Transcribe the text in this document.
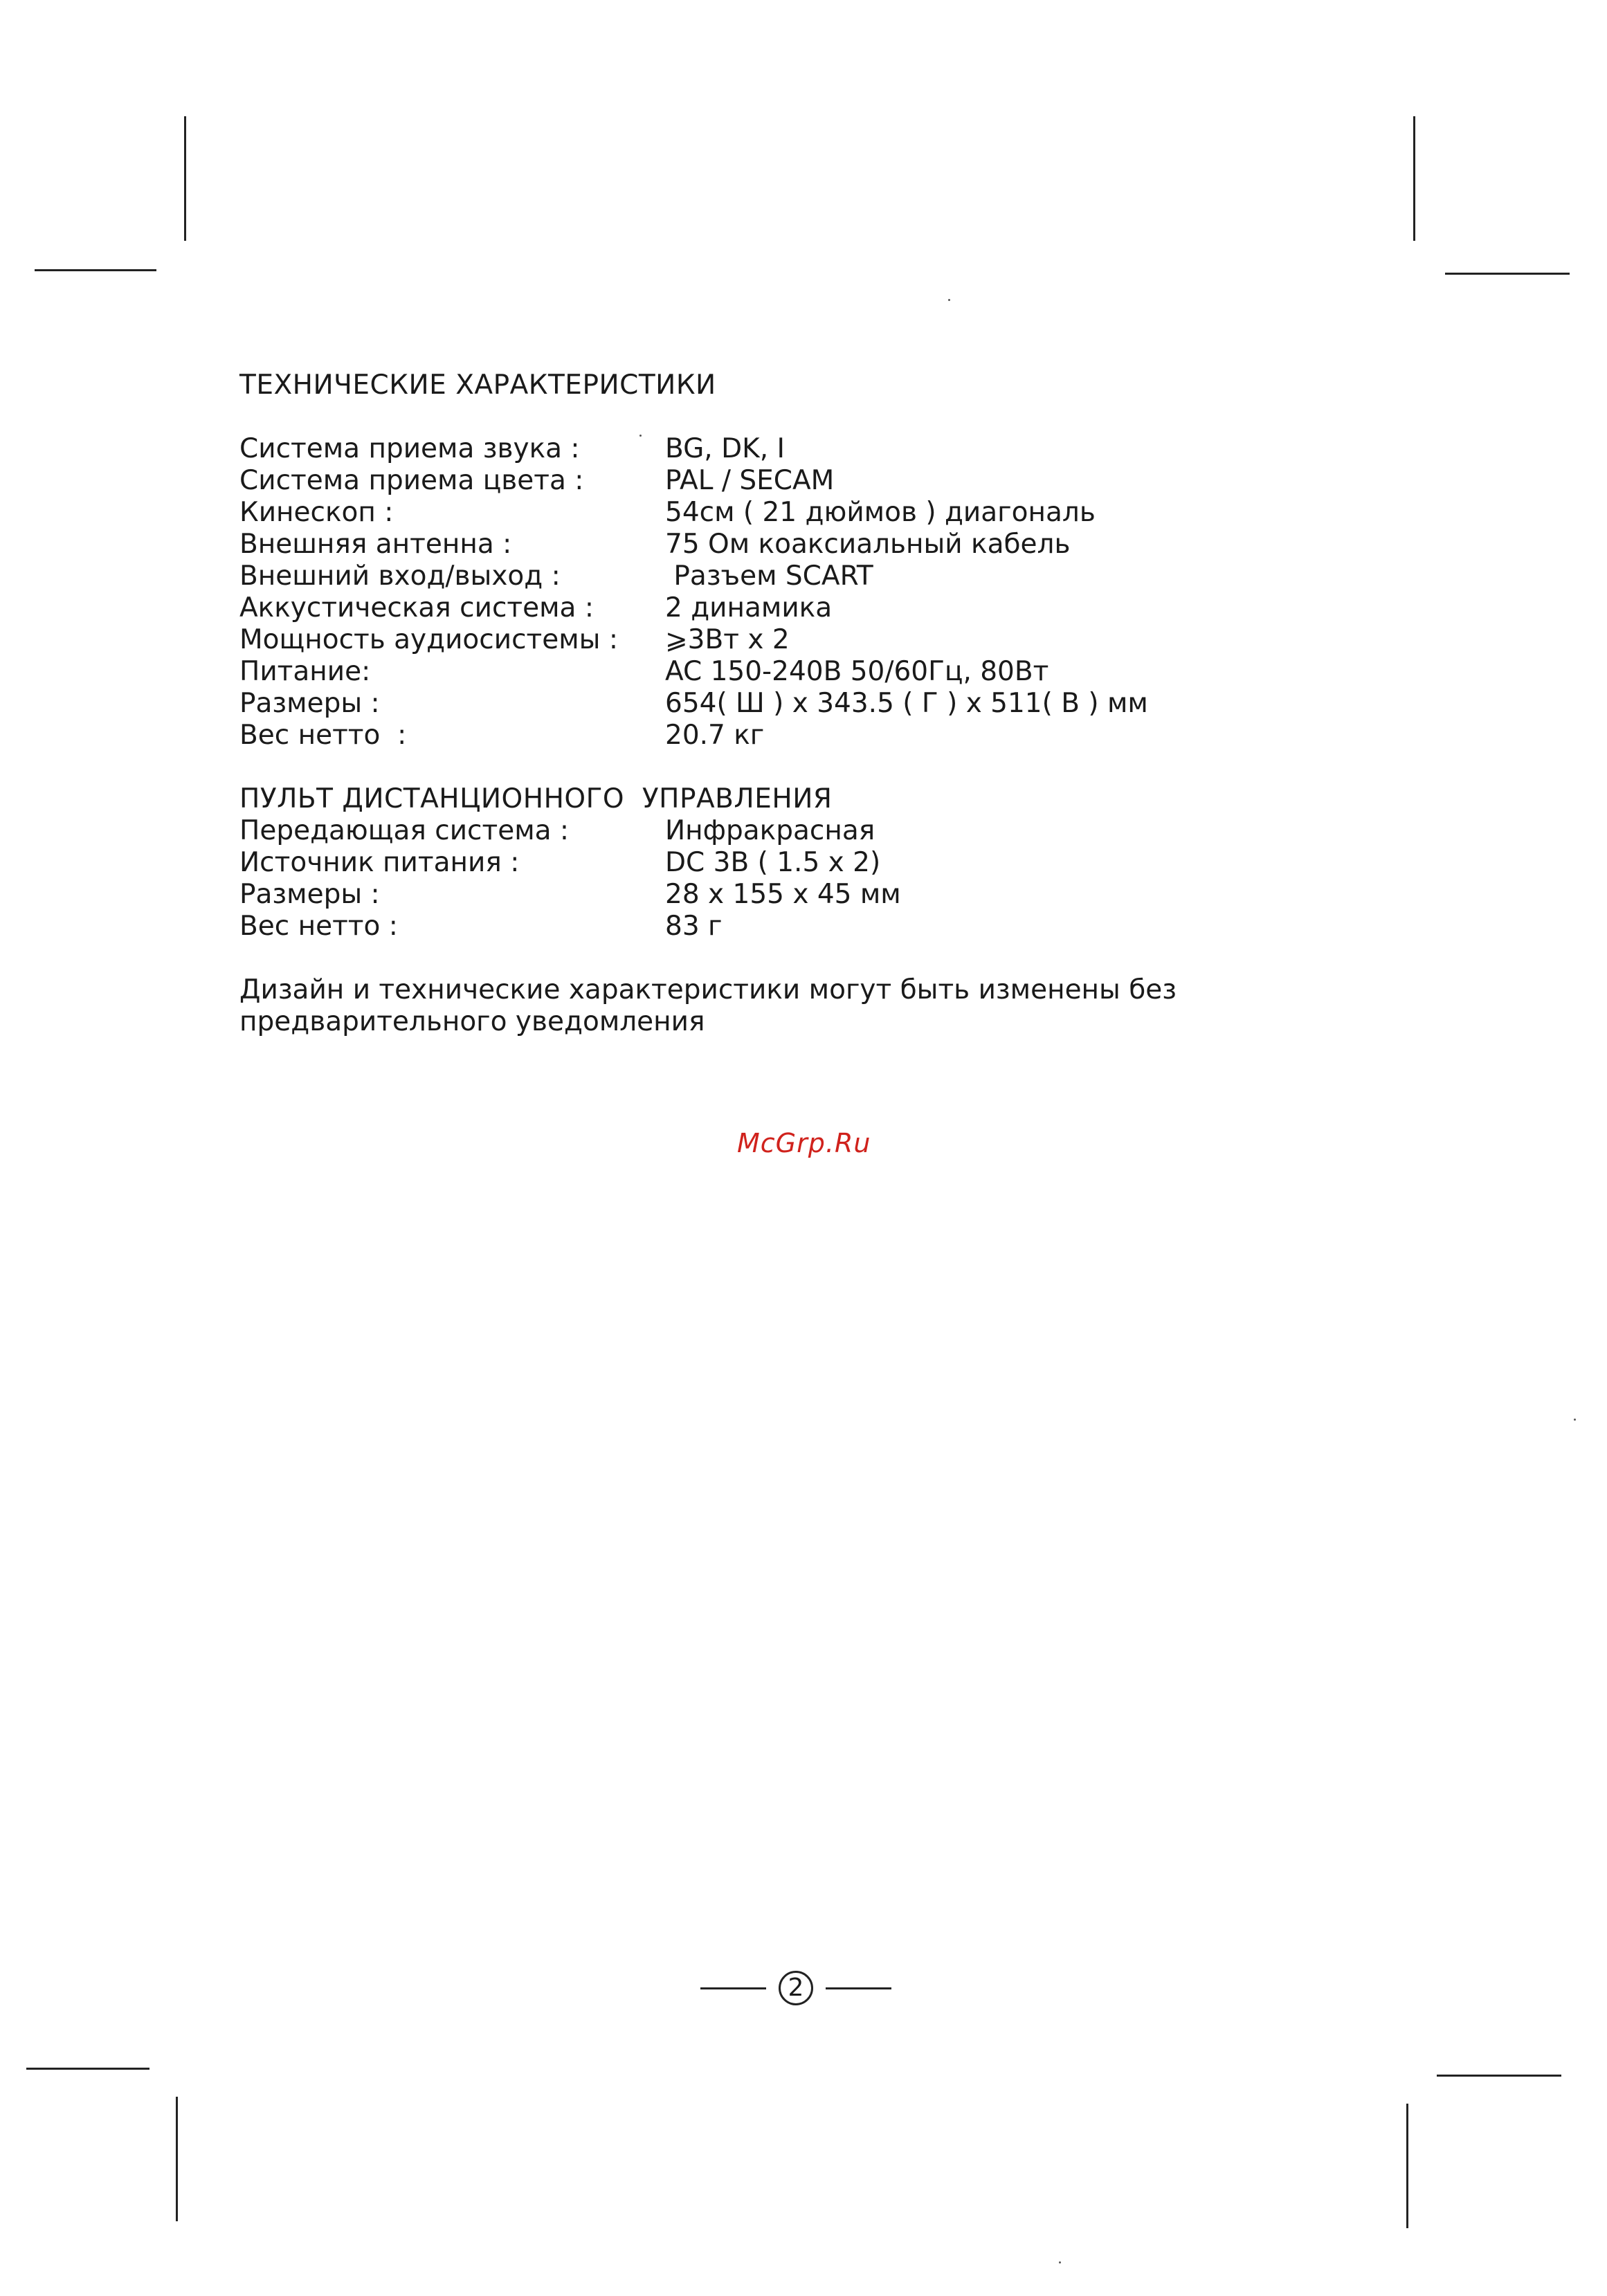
ТЕХНИЧЕСКИЕ ХАРАКТЕРИСТИКИ
Система приема звука :	BG, DK, I
Система приема цвета :	PAL / SECAM
Кинескоп :	54см ( 21 дюймов ) диагональ
Внешняя антенна :	75 Ом коаксиальный кабель
Внешний вход/выход :	Разъем SCART
Аккустическая система :	2 динамика
Мощность аудиосистемы :	⩾3Вт x 2
Питание:	AC 150-240В 50/60Гц, 80Вт
Размеры :	654( Ш ) x 343.5 ( Г ) x 511( В ) мм
Вес нетто  :	20.7 кг
ПУЛЬТ ДИСТАНЦИОННОГО  УПРАВЛЕНИЯ
Передающая система :	Инфракрасная
Источник питания :	DC 3В ( 1.5 x 2)
Размеры :	28 x 155 x 45 мм
Вес нетто :	83 г
Дизайн и технические характеристики могут быть изменены без предварительного уведомления
McGrp.Ru
2
